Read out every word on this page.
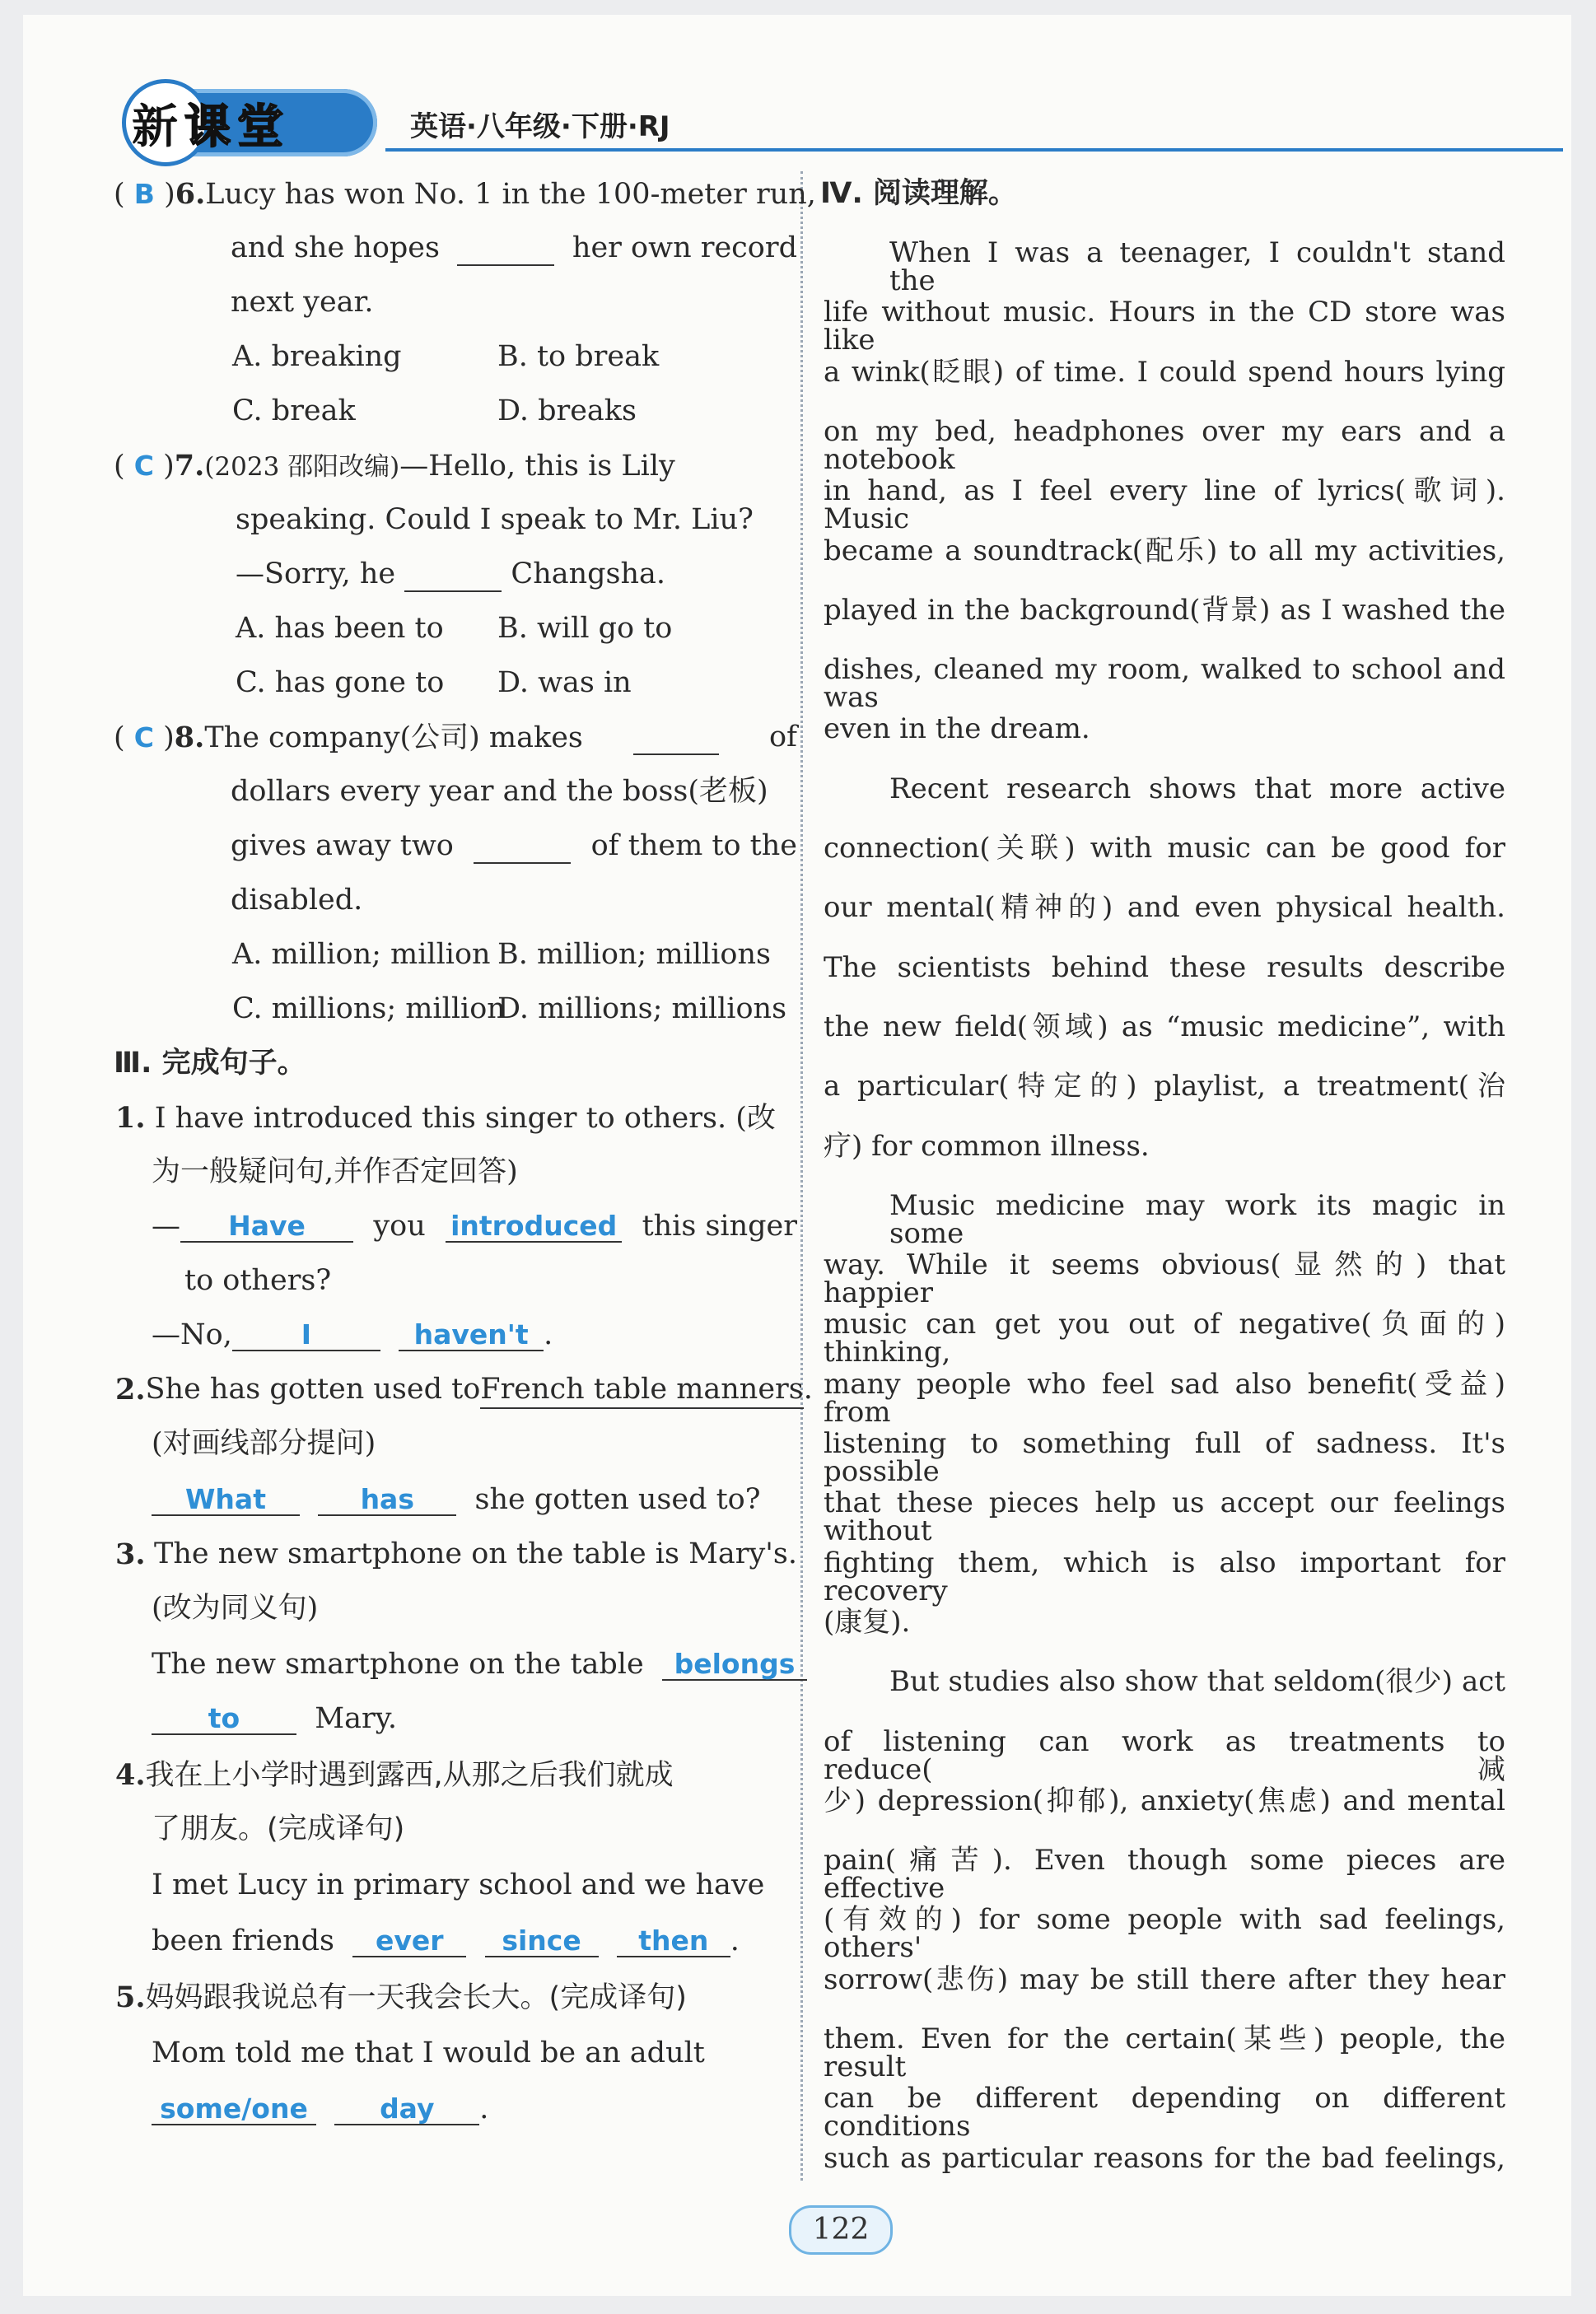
新课堂	英语·八年级·下册·RJ
( B )6.Lucy has won No. 1 in the 100-meter run,
and she hopes
	her own record
next year.
A. breaking	B. to break
C. break	D. breaks
( C )7.(2023 邵阳改编)—Hello, this is Lily
speaking. Could I speak to Mr. Liu?
—Sorry, he	Changsha.
A. has been to B. will go to
C. has gone to D. was in
( C )8.The company(公司) makes
	of
dollars every year and the boss(老板)
gives away two
	of them to the
disabled.
A. million; million B. million; millions
C. millions; million
D. millions; millions
Ⅲ. 完成句子。
1. I have introduced this singer to others. (改
为一般疑问句,并作否定回答)
— Have	you introduced this singer
to others?
—No,	I	haven't .
2. She has gotten used to French table manners.
(对画线部分提问)
What	has she gotten used to?
3. The new smartphone on the table is Mary's.
(改为同义句)
The new smartphone on the table belongs
to	Mary.
4.我在上小学时遇到露西,从那之后我们就成
了朋友。(完成译句)
I met Lucy in primary school and we have
been friends ever since then .
5.妈妈跟我说总有一天我会长大。(完成译句)
Mom told me that I would be an adult
some/one	day .
Ⅳ. 阅读理解。
When I was a teenager, I couldn't stand the
life without music. Hours in the CD store was like
a wink(眨眼) of time. I could spend hours lying
on my bed, headphones over my ears and a notebook
in hand, as I feel every line of lyrics(歌词). Music
became a soundtrack(配乐) to all my activities,
played in the background(背景) as I washed the
dishes, cleaned my room, walked to school and was
even in the dream.
Recent research shows that more active
connection(关联) with music can be good for
our mental(精神的) and even physical health.
The scientists behind these results describe
the new field(领域) as “music medicine”, with
a particular(特定的) playlist, a treatment(治
疗) for common illness.
Music medicine may work its magic in some
way. While it seems obvious(显然的) that happier
music can get you out of negative(负面的) thinking,
many people who feel sad also benefit(受益) from
listening to something full of sadness. It's possible
that these pieces help us accept our feelings without
fighting them, which is also important for recovery
(康复).
But studies also show that seldom(很少) act
of listening can work as treatments to reduce(减
少) depression(抑郁), anxiety(焦虑) and mental
pain(痛苦). Even though some pieces are effective
(有效的) for some people with sad feelings, others'
sorrow(悲伤) may be still there after they hear
them. Even for the certain(某些) people, the result
can be different depending on different conditions
such as particular reasons for the bad feelings,
122
